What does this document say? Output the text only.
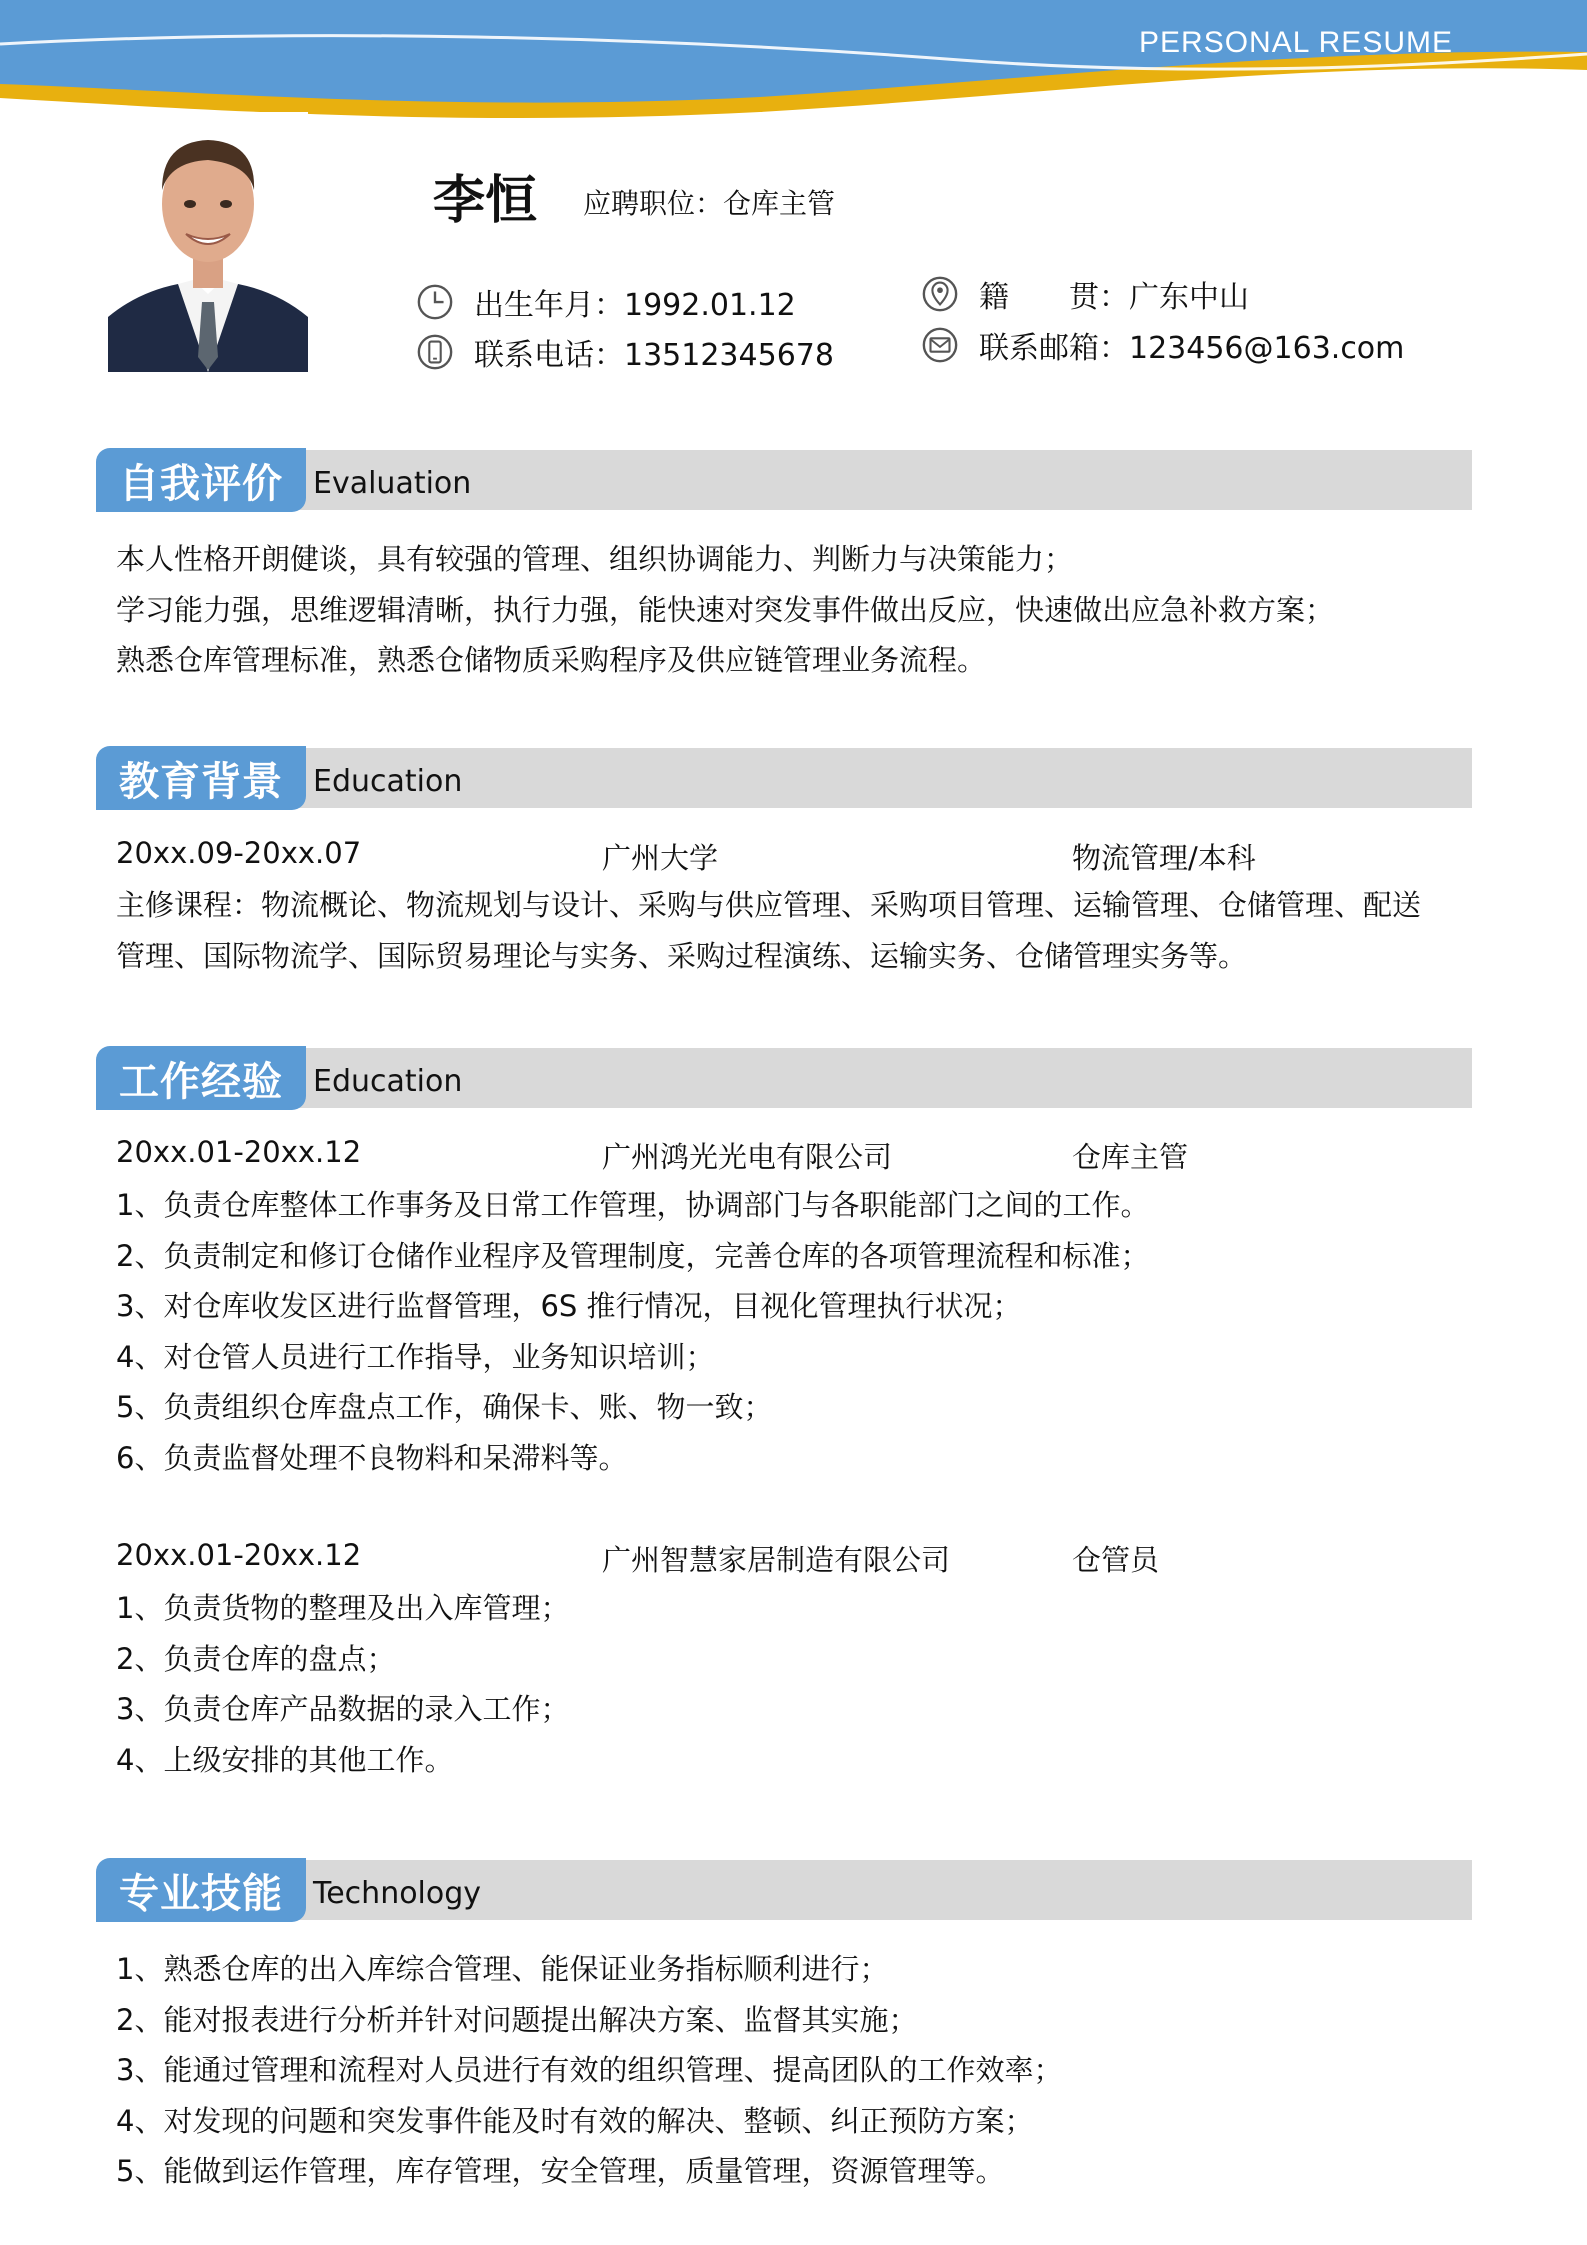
PERSONAL RESUME
李恒 应聘职位：仓库主管
出生年月：1992.01.12
联系电话：13512345678
籍　　贯：广东中山
联系邮箱：123456@163.com
自我评价	Evaluation
本人性格开朗健谈，具有较强的管理、组织协调能力、判断力与决策能力；
学习能力强，思维逻辑清晰，执行力强，能快速对突发事件做出反应，快速做出应急补救方案；
熟悉仓库管理标准，熟悉仓储物质采购程序及供应链管理业务流程。
教育背景	Education
20xx.09-20xx.07	广州大学	物流管理/本科
主修课程：物流概论、物流规划与设计、采购与供应管理、采购项目管理、运输管理、仓储管理、配送
管理、国际物流学、国际贸易理论与实务、采购过程演练、运输实务、仓储管理实务等。
工作经验	Education
20xx.01-20xx.12	广州鸿光光电有限公司	仓库主管
1、负责仓库整体工作事务及日常工作管理，协调部门与各职能部门之间的工作。
2、负责制定和修订仓储作业程序及管理制度，完善仓库的各项管理流程和标准；
3、对仓库收发区进行监督管理，6S 推行情况，目视化管理执行状况；
4、对仓管人员进行工作指导，业务知识培训；
5、负责组织仓库盘点工作，确保卡、账、物一致；
6、负责监督处理不良物料和呆滞料等。
20xx.01-20xx.12	广州智慧家居制造有限公司	仓管员
1、负责货物的整理及出入库管理；
2、负责仓库的盘点；
3、负责仓库产品数据的录入工作；
4、上级安排的其他工作。
专业技能	Technology
1、熟悉仓库的出入库综合管理、能保证业务指标顺利进行；
2、能对报表进行分析并针对问题提出解决方案、监督其实施；
3、能通过管理和流程对人员进行有效的组织管理、提高团队的工作效率；
4、对发现的问题和突发事件能及时有效的解决、整顿、纠正预防方案；
5、能做到运作管理，库存管理，安全管理，质量管理，资源管理等。
